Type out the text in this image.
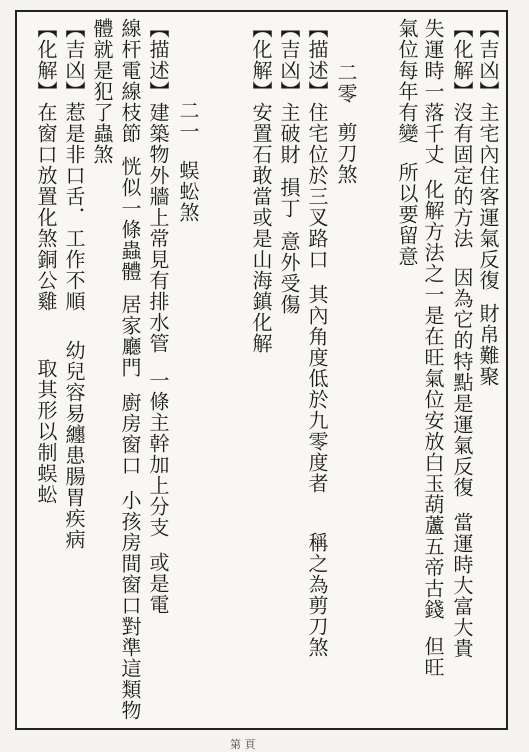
【吉凶】主宅內住客運氣反復財帛難聚
【化解】沒有固定的方法因為它的特點是運氣反復當運時大富大貴
失運時一落千丈化解方法之一是在旺氣位安放白玉葫蘆五帝古錢但旺
氣位每年有變所以要留意
二零剪刀煞
【描述】住宅位於三叉路口其內角度低於九零度者稱之為剪刀煞
【吉凶】主破財損丁意外受傷
【化解】安置石敢當或是山海鎮化解
二一蜈蚣煞
【描述】建築物外牆上常見有排水管一條主幹加上分支或是電
線杆電線枝節恍似一條蟲體居家廳門廚房窗口小孩房間窗口對準這類物
體就是犯了蟲煞
【吉凶】惹是非口舌．工作不順幼兒容易纏患腸胃疾病
【化解】在窗口放置化煞銅公雞取其形以制蜈蚣
第 頁
